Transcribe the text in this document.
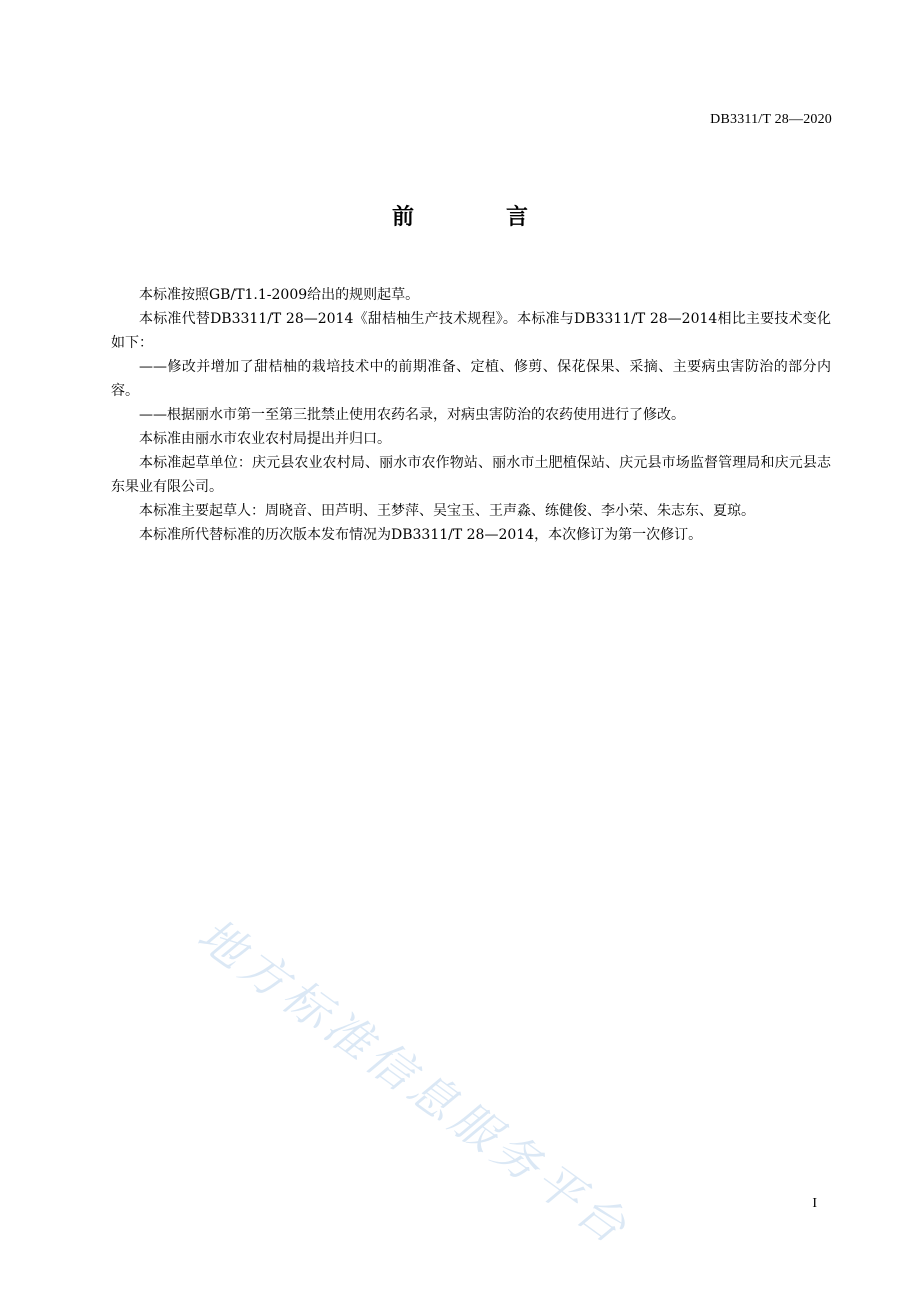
DB3311/T 28—2020
前	言

本标准按照GB/T1.1-2009给出的规则起草。

本标准代替DB3311/T 28—2014《甜桔柚生产技术规程》。本标准与DB3311/T 28—2014相比主要技术变化如下：

——修改并增加了甜桔柚的栽培技术中的前期准备、定植、修剪、保花保果、采摘、主要病虫害防治的部分内容。

——根据丽水市第一至第三批禁止使用农药名录，对病虫害防治的农药使用进行了修改。

本标准由丽水市农业农村局提出并归口。

本标准起草单位：庆元县农业农村局、丽水市农作物站、丽水市土肥植保站、庆元县市场监督管理局和庆元县志东果业有限公司。

本标准主要起草人：周晓音、田芦明、王梦萍、吴宝玉、王声淼、练健俊、李小荣、朱志东、夏琼。

本标准所代替标准的历次版本发布情况为DB3311/T 28—2014，本次修订为第一次修订。

地方标准信息服务平台	I
